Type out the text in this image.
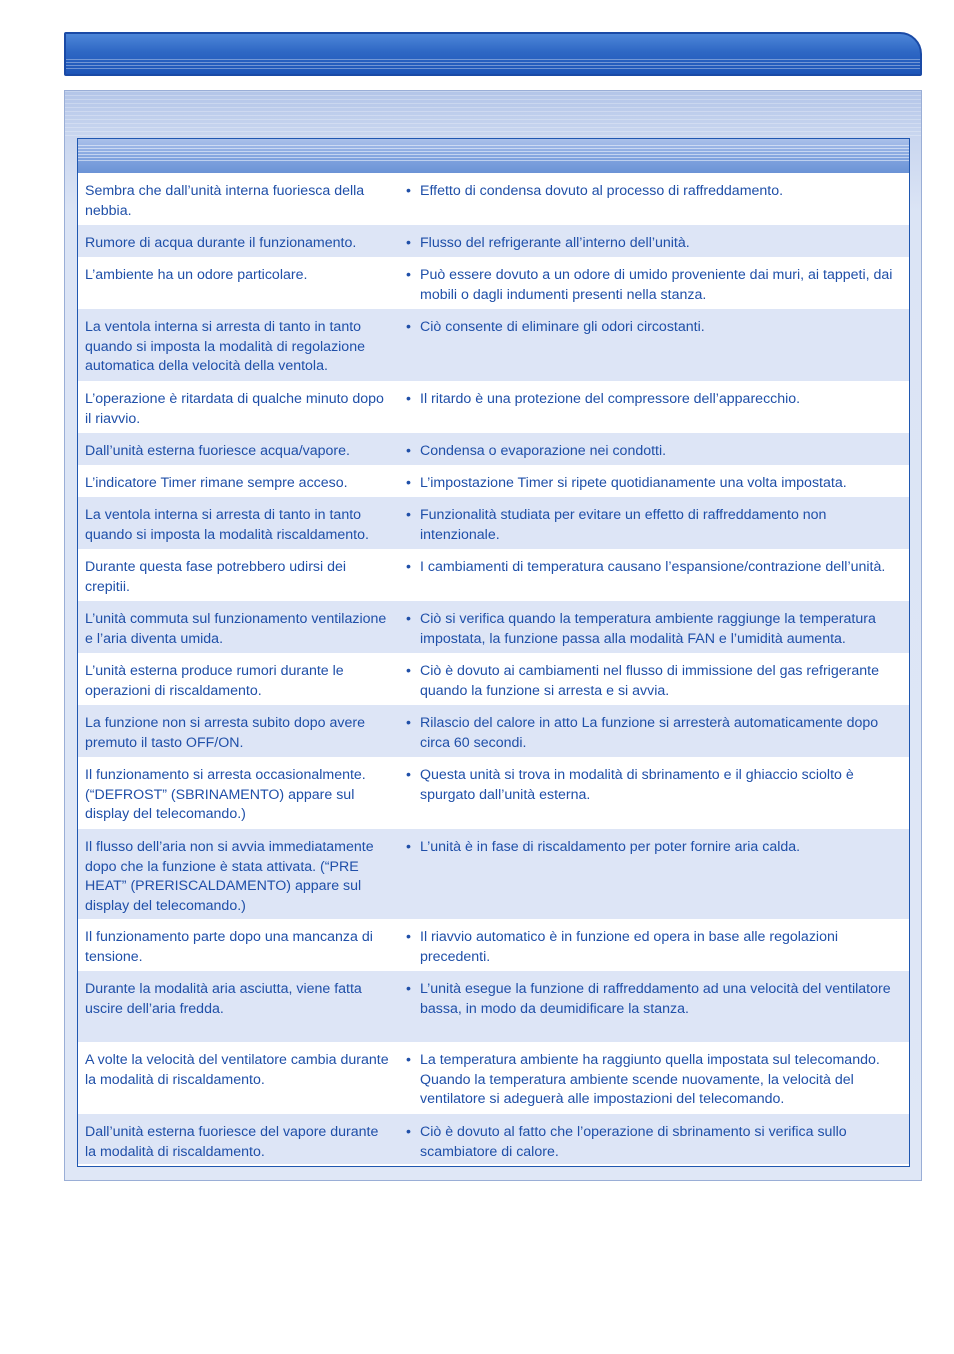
Sembra che dall’unità interna fuoriesca della nebbia.
• Effetto di condensa dovuto al processo di raffreddamento.
Rumore di acqua durante il funzionamento.	• Flusso del refrigerante all’interno dell’unità.
L’ambiente ha un odore particolare.	• Può essere dovuto a un odore di umido proveniente dai muri, ai tappeti, dai mobili o dagli indumenti presenti nella stanza.
La ventola interna si arresta di tanto in tanto quando si imposta la modalità di regolazione automatica della velocità della ventola.
• Ciò consente di eliminare gli odori circostanti.
L’operazione è ritardata di qualche minuto dopo il riavvio.
• Il ritardo è una protezione del compressore dell’apparecchio.
Dall’unità esterna fuoriesce acqua/vapore.	• Condensa o evaporazione nei condotti.
L’indicatore Timer rimane sempre acceso.	• L’impostazione Timer si ripete quotidianamente una volta impostata.
La ventola interna si arresta di tanto in tanto quando si imposta la modalità riscaldamento.
• Funzionalità studiata per evitare un effetto di raffreddamento non intenzionale.
Durante questa fase potrebbero udirsi dei crepitii.
• I cambiamenti di temperatura causano l’espansione/contrazione dell’unità.
L’unità commuta sul funzionamento ventilazione e l’aria diventa umida.
• Ciò si verifica quando la temperatura ambiente raggiunge la temperatura impostata, la funzione passa alla modalità FAN e l’umidità aumenta.
L’unità esterna produce rumori durante le operazioni di riscaldamento.
• Ciò è dovuto ai cambiamenti nel flusso di immissione del gas refrigerante quando la funzione si arresta e si avvia.
La funzione non si arresta subito dopo avere premuto il tasto OFF/ON.
• Rilascio del calore in atto La funzione si arresterà automaticamente dopo circa 60 secondi.
Il funzionamento si arresta occasionalmente. (“DEFROST” (SBRINAMENTO) appare sul display del telecomando.)
• Questa unità si trova in modalità di sbrinamento e il ghiaccio sciolto è spurgato dall’unità esterna.
Il flusso dell’aria non si avvia immediatamente dopo che la funzione è stata attivata. (“PRE HEAT” (PRERISCALDAMENTO) appare sul display del telecomando.)
• L’unità è in fase di riscaldamento per poter fornire aria calda.
Il funzionamento parte dopo una mancanza di tensione.
• Il riavvio automatico è in funzione ed opera in base alle regolazioni precedenti.
Durante la modalità aria asciutta, viene fatta uscire dell’aria fredda.
• L’unità esegue la funzione di raffreddamento ad una velocità del ventilatore bassa, in modo da deumidificare la stanza.
A volte la velocità del ventilatore cambia durante la modalità di riscaldamento.
• La temperatura ambiente ha raggiunto quella impostata sul telecomando. Quando la temperatura ambiente scende nuovamente, la velocità del ventilatore si adeguerà alle impostazioni del telecomando.
Dall’unità esterna fuoriesce del vapore durante la modalità di riscaldamento.
• Ciò è dovuto al fatto che l’operazione di sbrinamento si verifica sullo scambiatore di calore.
